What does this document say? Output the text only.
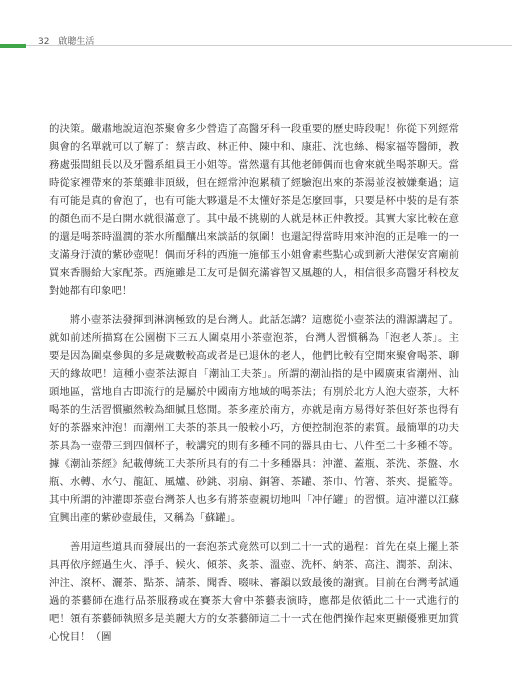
32 啟聰生活

的決策。嚴肅地說這泡茶聚會多少營造了高醫牙科一段重要的歷史時段呢！你從下列經常與會的名單就可以了解了：蔡吉政、林正仲、陳中和、康莊、沈也絲、楊家福等醫師，教務處張間組長以及牙醫系組員王小姐等。當然還有其他老師偶而也會來就坐喝茶聊天。當時從家裡帶來的茶葉雖非頂級，但在經常沖泡累積了經驗泡出來的茶湯並沒被嫌棄過；這有可能是真的會泡了，也有可能大夥還是不太懂好茶是怎麼回事，只要是杯中裝的是有茶的顏色而不是白開水就很滿意了。其中最不挑剔的人就是林正仲教授。其實大家比較在意的還是喝茶時溫潤的茶水所醞釀出來談話的氛圍！也還記得當時用來沖泡的正是唯一的一支滿身汙漬的紫砂壺呢！偶而牙科的西施一施郁玉小姐會素些點心或到新大港保安宮廟前買來香腸給大家配茶。西施雖是工友可是個充滿睿智又風趣的人，相信很多高醫牙科校友對她都有印象吧！

將小壺茶法發揮到淋漓極致的是台灣人。此話怎講？這應從小壺茶法的淵源講起了。就如前述所描寫在公園樹下三五人圍桌用小茶壺泡茶，台灣人習慣稱為「泡老人茶」。主要是因為圍桌參與的多是歲數較高或者是已退休的老人，他們比較有空閒來聚會喝茶、聊天的緣故吧！這種小壺茶法源自「潮汕工夫茶」。所謂的潮汕指的是中國廣東省潮州、汕頭地區，當地自古即流行的是屬於中國南方地域的喝茶法；有別於北方人泡大壺茶，大杯喝茶的生活習慣顯然較為細膩且悠閒。茶多產於南方，亦就是南方易得好茶但好茶也得有好的茶器來沖泡！而潮州工夫茶的茶具一般較小巧，方便控制泡茶的素質。最簡單的功夫茶具為一壺帶三到四個杯子，較講究的則有多種不同的器具由七、八件至二十多種不等。據《潮汕茶經》紀載傳統工夫茶所具有的有二十多種器具：沖灌、蓋瓶、茶洗、茶盤、水瓶、水轉、水勺、龍缸、風爐、砂銚、羽扇、銅箸、茶罐、茶巾、竹箸、茶夾、提籃等。其中所謂的沖灌即茶壺台灣茶人也多有將茶壺親切地叫「冲仔罐」的習慣。這冲灌以江蘇宜興出產的紫砂壺最佳，又稱為「蘇罐」。

善用這些道具而發展出的一套泡茶式竟然可以到二十一式的過程：首先在桌上擺上茶具再依序經過生火、淨手、候火、傾茶、炙茶、溫壺、洗杯、納茶、高注、潤茶、刮沫、沖注、滾杯、灑茶、點茶、請茶、聞香、啜味、審韻以致最後的謝賓。目前在台灣考試通過的茶藝師在進行品茶服務或在賽茶大會中茶藝表演時，應都是依循此二十一式進行的吧！領有茶藝師執照多是美麗大方的女茶藝師這二十一式在他們操作起來更顯優雅更加賞心悅目！（圖
